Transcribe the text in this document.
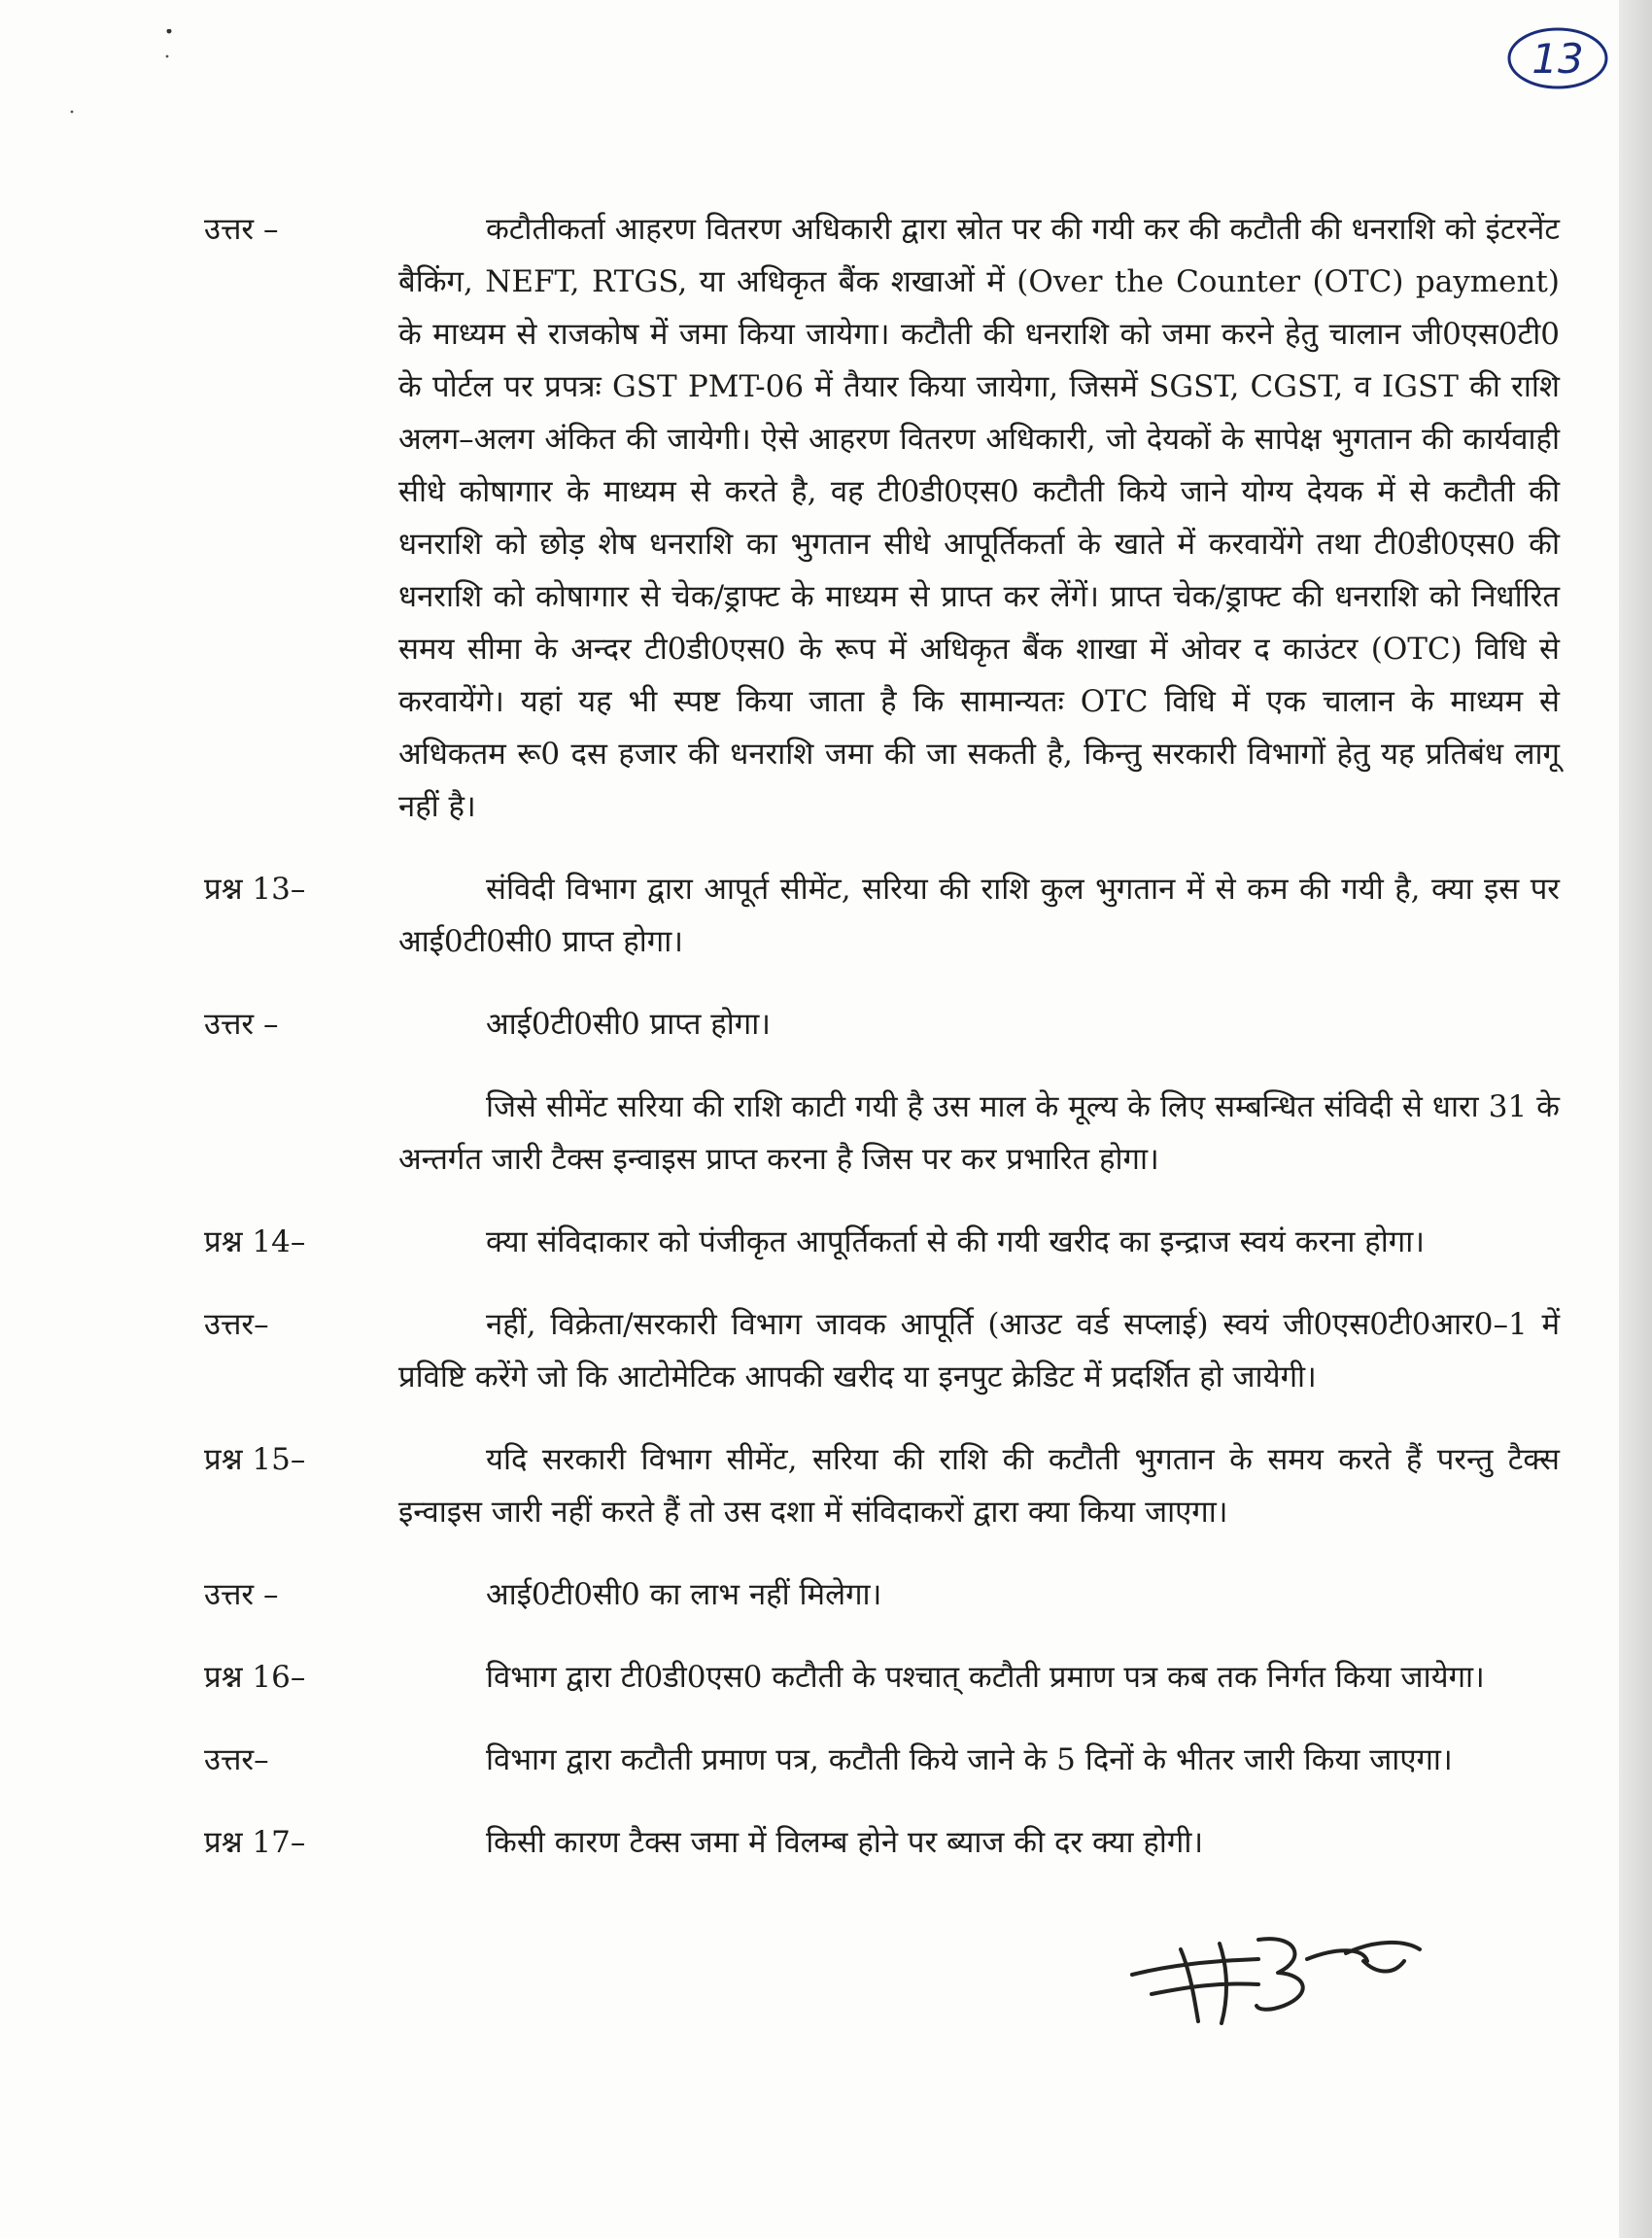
13
उत्तर –	कटौतीकर्ता आहरण वितरण अधिकारी द्वारा स्रोत पर की गयी कर की कटौती की धनराशि को इंटरनेंट बैकिंग, NEFT, RTGS, या अधिकृत बैंक शखाओं में (Over the Counter (OTC) payment) के माध्यम से राजकोष में जमा किया जायेगा। कटौती की धनराशि को जमा करने हेतु चालान जी0एस0टी0 के पोर्टल पर प्रपत्रः GST PMT-06 में तैयार किया जायेगा, जिसमें SGST, CGST, व IGST की राशि अलग–अलग अंकित की जायेगी। ऐसे आहरण वितरण अधिकारी, जो देयकों के सापेक्ष भुगतान की कार्यवाही सीधे कोषागार के माध्यम से करते है, वह टी0डी0एस0 कटौती किये जाने योग्य देयक में से कटौती की धनराशि को छोड़ शेष धनराशि का भुगतान सीधे आपूर्तिकर्ता के खाते में करवायेंगे तथा टी0डी0एस0 की धनराशि को कोषागार से चेक/ड्राफ्ट के माध्यम से प्राप्त कर लेंगें। प्राप्त चेक/ड्राफ्ट की धनराशि को निर्धारित समय सीमा के अन्दर टी0डी0एस0 के रूप में अधिकृत बैंक शाखा में ओवर द काउंटर (OTC) विधि से करवायेंगे। यहां यह भी स्पष्ट किया जाता है कि सामान्यतः OTC विधि में एक चालान के माध्यम से अधिकतम रू0 दस हजार की धनराशि जमा की जा सकती है, किन्तु सरकारी विभागों हेतु यह प्रतिबंध लागू नहीं है।

प्रश्न 13–	संविदी विभाग द्वारा आपूर्त सीमेंट, सरिया की राशि कुल भुगतान में से कम की गयी है, क्या इस पर आई0टी0सी0 प्राप्त होगा।

उत्तर –	आई0टी0सी0 प्राप्त होगा।

जिसे सीमेंट सरिया की राशि काटी गयी है उस माल के मूल्य के लिए सम्बन्धित संविदी से धारा 31 के अन्तर्गत जारी टैक्स इन्वाइस प्राप्त करना है जिस पर कर प्रभारित होगा।

प्रश्न 14–	क्या संविदाकार को पंजीकृत आपूर्तिकर्ता से की गयी खरीद का इन्द्राज स्वयं करना होगा।

उत्तर–	नहीं, विक्रेता/सरकारी विभाग जावक आपूर्ति (आउट वर्ड सप्लाई) स्वयं जी0एस0टी0आर0–1 में प्रविष्टि करेंगे जो कि आटोमेटिक आपकी खरीद या इनपुट क्रेडिट में प्रदर्शित हो जायेगी।

प्रश्न 15–	यदि सरकारी विभाग सीमेंट, सरिया की राशि की कटौती भुगतान के समय करते हैं परन्तु टैक्स इन्वाइस जारी नहीं करते हैं तो उस दशा में संविदाकरों द्वारा क्या किया जाएगा।

उत्तर –	आई0टी0सी0 का लाभ नहीं मिलेगा।

प्रश्न 16–	विभाग द्वारा टी0डी0एस0 कटौती के पश्चात् कटौती प्रमाण पत्र कब तक निर्गत किया जायेगा।

उत्तर–	विभाग द्वारा कटौती प्रमाण पत्र, कटौती किये जाने के 5 दिनों के भीतर जारी किया जाएगा।

प्रश्न 17–	किसी कारण टैक्स जमा में विलम्ब होने पर ब्याज की दर क्या होगी।
